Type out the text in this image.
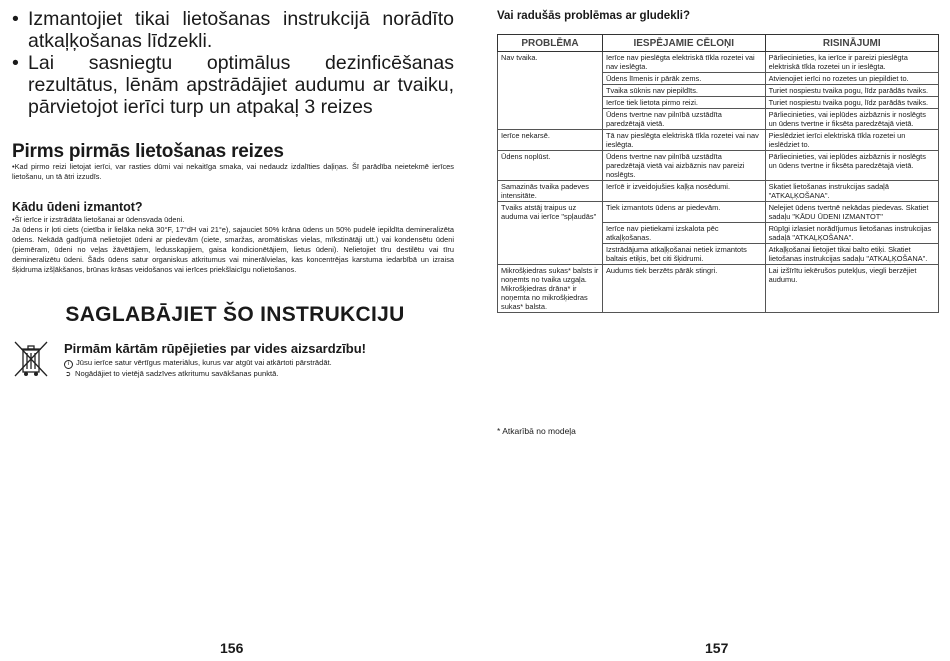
• Izmantojiet tikai lietošanas instrukcijā norādīto atkaļķošanas līdzekli.
• Lai sasniegtu optimālus dezinficēšanas rezultātus, lēnām apstrādājiet audumu ar tvaiku, pārvietojot ierīci turp un atpakaļ 3 reizes
Pirms pirmās lietošanas reizes

•Kad pirmo reizi lietojat ierīci, var rasties dūmi vai nekaitīga smaka, vai nedaudz izdalīties daļiņas. Šī parādība neietekmē ierīces lietošanu, un tā ātri izzudīs.

Kādu ūdeni izmantot?

•Šī ierīce ir izstrādāta lietošanai ar ūdensvada ūdeni.

Ja ūdens ir ļoti ciets (cietība ir lielāka nekā 30°F, 17°dH vai 21°e), sajauciet 50% krāna ūdens un 50% pudelē iepildīta demineralizēta ūdens. Nekādā gadījumā nelietojiet ūdeni ar piedevām (ciete, smaržas, aromātiskas vielas, mīkstinātāji utt.) vai kondensētu ūdeni (piemēram, ūdeni no veļas žāvētājiem, ledusskapjiem, gaisa kondicionētājiem, lietus ūdeni). Nelietojiet tīru destilētu vai tīru demineralizētu ūdeni. Šāds ūdens satur organiskus atkritumus vai minerālvielas, kas koncentrējas karstuma iedarbībā un izraisa šķidruma izšļākšanos, brūnas krāsas veidošanos vai ierīces priekšlaicīgu nolietošanos.

SAGLABĀJIET ŠO INSTRUKCIJU
Pirmām kārtām rūpējieties par vides aizsardzību!
i Jūsu ierīce satur vērtīgus materiālus, kurus var atgūt vai atkārtoti pārstrādāt.
➲ Nogādājiet to vietējā sadzīves atkritumu savākšanas punktā.
156
Vai radušās problēmas ar gludekli?
PROBLĒMA	IESPĒJAMIE CĒLOŅI	RISINĀJUMI
Nav tvaika.	Ierīce nav pieslēgta elektriskā tīkla rozetei vai nav ieslēgta.	Pārliecinieties, ka ierīce ir pareizi pieslēgta elektriskā tīkla rozetei un ir ieslēgta.
	Ūdens līmenis ir pārāk zems.	Atvienojiet ierīci no rozetes un piepildiet to.
	Tvaika sūknis nav piepildīts.	Turiet nospiestu tvaika pogu, līdz parādās tvaiks.
	Ierīce tiek lietota pirmo reizi.	Turiet nospiestu tvaika pogu, līdz parādās tvaiks.
	Ūdens tvertne nav pilnībā uzstādīta paredzētajā vietā.	Pārliecinieties, vai ieplūdes aizbāznis ir noslēgts un ūdens tvertne ir fiksēta paredzētajā vietā.
Ierīce nekarsē.	Tā nav pieslēgta elektriskā tīkla rozetei vai nav ieslēgta.	Pieslēdziet ierīci elektriskā tīkla rozetei un ieslēdziet to.
Ūdens noplūst.	Ūdens tvertne nav pilnībā uzstādīta paredzētajā vietā vai aizbāznis nav pareizi noslēgts.	Pārliecinieties, vai ieplūdes aizbāznis ir noslēgts un ūdens tvertne ir fiksēta paredzētajā vietā.
Samazinās tvaika padeves intensitāte.	Ierīcē ir izveidojušies kaļķa nosēdumi.	Skatiet lietošanas instrukcijas sadaļā "ATKAĻĶOŠANA".
Tvaiks atstāj traipus uz auduma vai ierīce "spļaudās"	Tiek izmantots ūdens ar piedevām.	Nelejiet ūdens tvertnē nekādas piedevas. Skatiet sadaļu "KĀDU ŪDENI IZMANTOT"
	Ierīce nav pietiekami izskalota pēc atkaļķošanas.	Rūpīgi izlasiet norādījumus lietošanas instrukcijas sadaļā "ATKAĻĶOŠANA".
	Izstrādājuma atkaļķošanai netiek izmantots baltais etiķis, bet citi šķidrumi.	Atkaļķošanai lietojiet tikai balto etiķi. Skatiet lietošanas instrukcijas sadaļu "ATKAĻĶOŠANA".
Mikrošķiedras sukas* balsts ir noņemts no tvaika uzgaļa. Mikrošķiedras drāna* ir noņemta no mikrošķiedras sukas* balsta.	Audums tiek berzēts pārāk stingri.	Lai izšīrītu iekērušos putekļus, viegli berzējiet audumu.
* Atkarībā no modeļa
157
